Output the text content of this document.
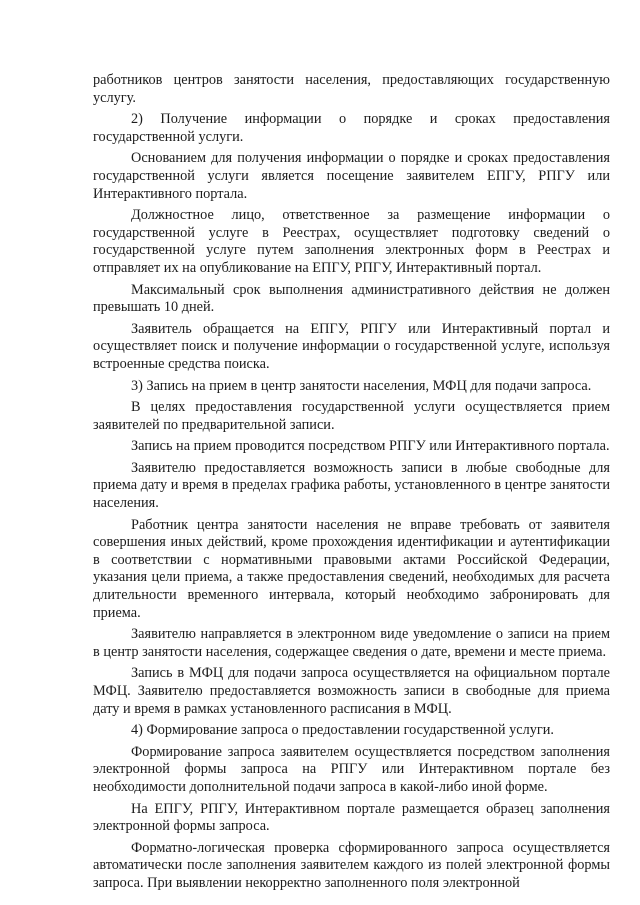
работников центров занятости населения, предоставляющих государственную услугу.

2) Получение информации о порядке и сроках предоставления государственной услуги.

Основанием для получения информации о порядке и сроках предоставления государственной услуги является посещение заявителем ЕПГУ, РПГУ или Интерактивного портала.

Должностное лицо, ответственное за размещение информации о государственной услуге в Реестрах, осуществляет подготовку сведений о государственной услуге путем заполнения электронных форм в Реестрах и отправляет их на опубликование на ЕПГУ, РПГУ, Интерактивный портал.

Максимальный срок выполнения административного действия не должен превышать 10 дней.

Заявитель обращается на ЕПГУ, РПГУ или Интерактивный портал и осуществляет поиск и получение информации о государственной услуге, используя встроенные средства поиска.

3) Запись на прием в центр занятости населения, МФЦ для подачи запроса.

В целях предоставления государственной услуги осуществляется прием заявителей по предварительной записи.

Запись на прием проводится посредством РПГУ или Интерактивного портала.

Заявителю предоставляется возможность записи в любые свободные для приема дату и время в пределах графика работы, установленного в центре занятости населения.

Работник центра занятости населения не вправе требовать от заявителя совершения иных действий, кроме прохождения идентификации и аутентификации в соответствии с нормативными правовыми актами Российской Федерации, указания цели приема, а также предоставления сведений, необходимых для расчета длительности временного интервала, который необходимо забронировать для приема.

Заявителю направляется в электронном виде уведомление о записи на прием в центр занятости населения, содержащее сведения о дате, времени и месте приема.

Запись в МФЦ для подачи запроса осуществляется на официальном портале МФЦ. Заявителю предоставляется возможность записи в свободные для приема дату и время в рамках установленного расписания в МФЦ.

4) Формирование запроса о предоставлении государственной услуги.

Формирование запроса заявителем осуществляется посредством заполнения электронной формы запроса на РПГУ или Интерактивном портале без необходимости дополнительной подачи запроса в какой-либо иной форме.

На ЕПГУ, РПГУ, Интерактивном портале размещается образец заполнения электронной формы запроса.

Форматно-логическая проверка сформированного запроса осуществляется автоматически после заполнения заявителем каждого из полей электронной формы запроса. При выявлении некорректно заполненного поля электронной
